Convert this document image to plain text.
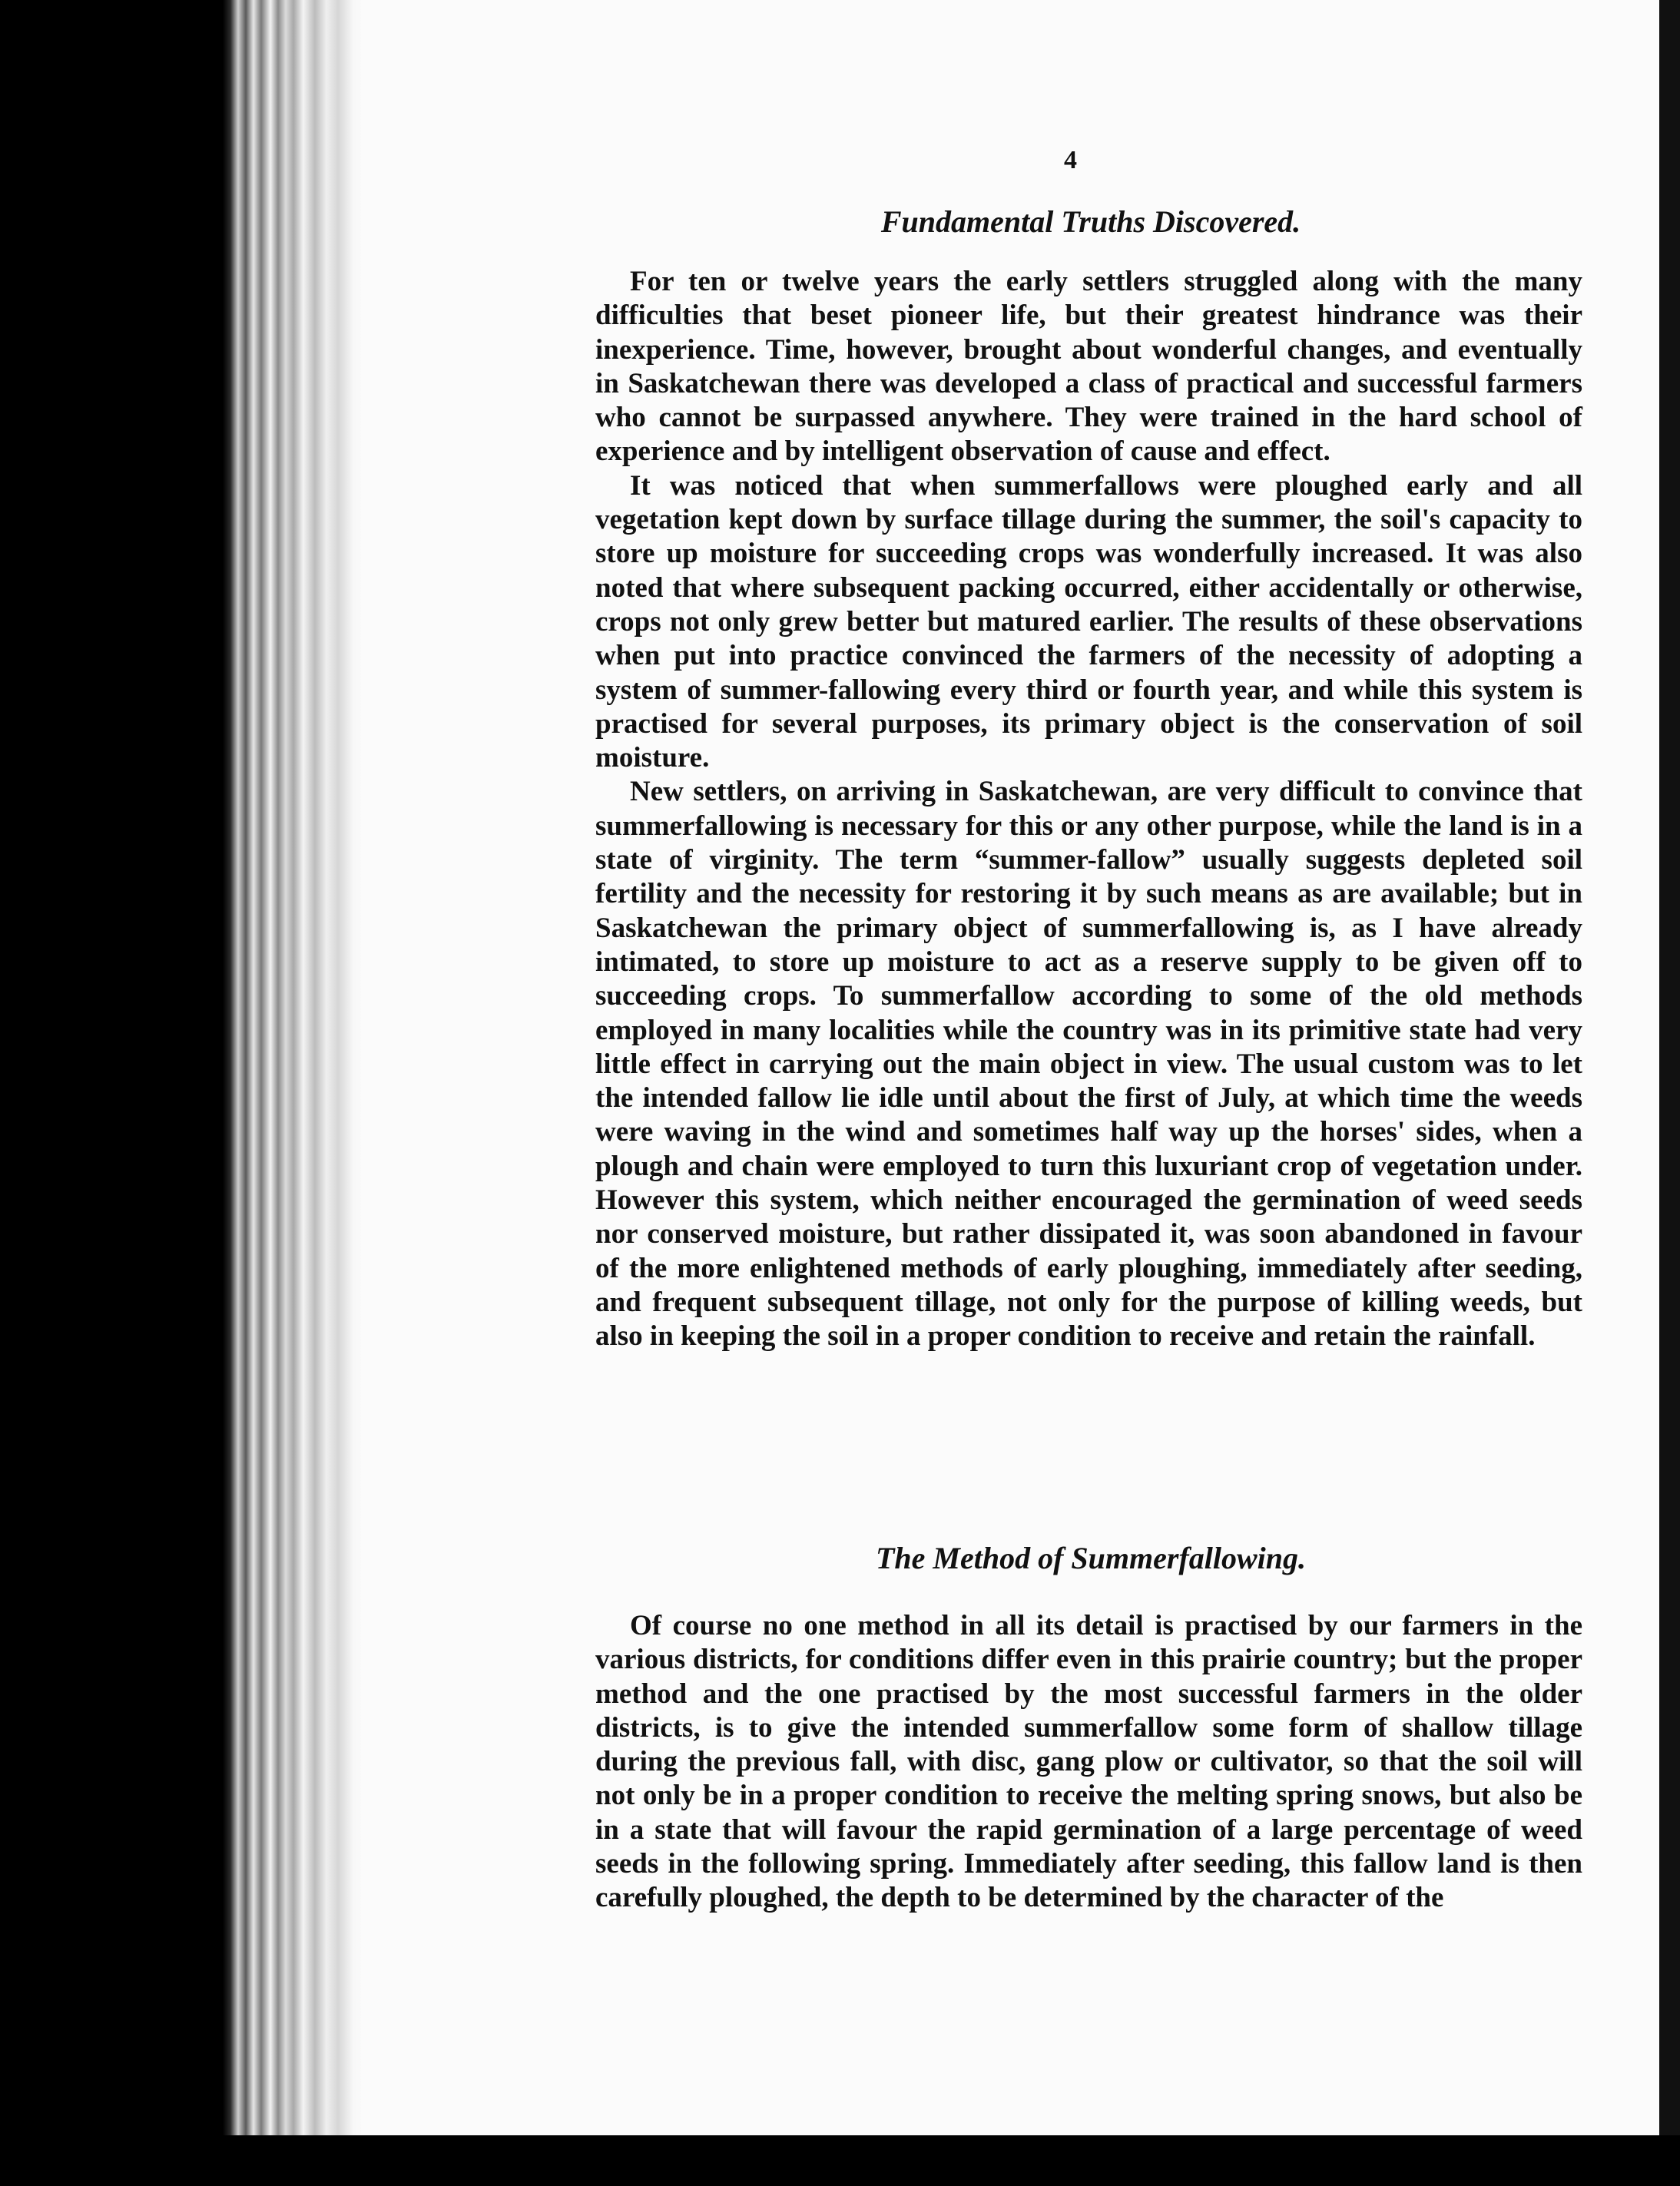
4
Fundamental Truths Discovered.

For ten or twelve years the early settlers struggled along with the many difficulties that beset pioneer life, but their greatest hindrance was their inexperience. Time, however, brought about wonderful changes, and eventually in Saskatchewan there was developed a class of practical and successful farmers who cannot be surpassed anywhere. They were trained in the hard school of experience and by intelligent observation of cause and effect.

It was noticed that when summerfallows were ploughed early and all vegetation kept down by surface tillage during the summer, the soil's capacity to store up moisture for succeeding crops was wonderfully increased. It was also noted that where subsequent packing occurred, either accidentally or otherwise, crops not only grew better but matured earlier. The results of these observations when put into practice convinced the farmers of the necessity of adopting a system of summer-fallowing every third or fourth year, and while this system is practised for several purposes, its primary object is the conservation of soil moisture.

New settlers, on arriving in Saskatchewan, are very difficult to convince that summerfallowing is necessary for this or any other purpose, while the land is in a state of virginity. The term “summer-fallow” usually suggests depleted soil fertility and the necessity for restoring it by such means as are available; but in Saskatchewan the primary object of summerfallowing is, as I have already intimated, to store up moisture to act as a reserve supply to be given off to succeeding crops. To summerfallow according to some of the old methods employed in many localities while the country was in its primitive state had very little effect in carrying out the main object in view. The usual custom was to let the intended fallow lie idle until about the first of July, at which time the weeds were waving in the wind and sometimes half way up the horses' sides, when a plough and chain were employed to turn this luxuriant crop of vegetation under. However this system, which neither encouraged the germination of weed seeds nor conserved moisture, but rather dissipated it, was soon abandoned in favour of the more enlightened methods of early ploughing, immediately after seeding, and frequent subsequent tillage, not only for the purpose of killing weeds, but also in keeping the soil in a proper condition to receive and retain the rainfall.

The Method of Summerfallowing.

Of course no one method in all its detail is practised by our farmers in the various districts, for conditions differ even in this prairie country; but the proper method and the one practised by the most successful farmers in the older districts, is to give the intended summerfallow some form of shallow tillage during the previous fall, with disc, gang plow or cultivator, so that the soil will not only be in a proper condition to receive the melting spring snows, but also be in a state that will favour the rapid germination of a large percentage of weed seeds in the following spring. Immediately after seeding, this fallow land is then carefully ploughed, the depth to be determined by the character of the
